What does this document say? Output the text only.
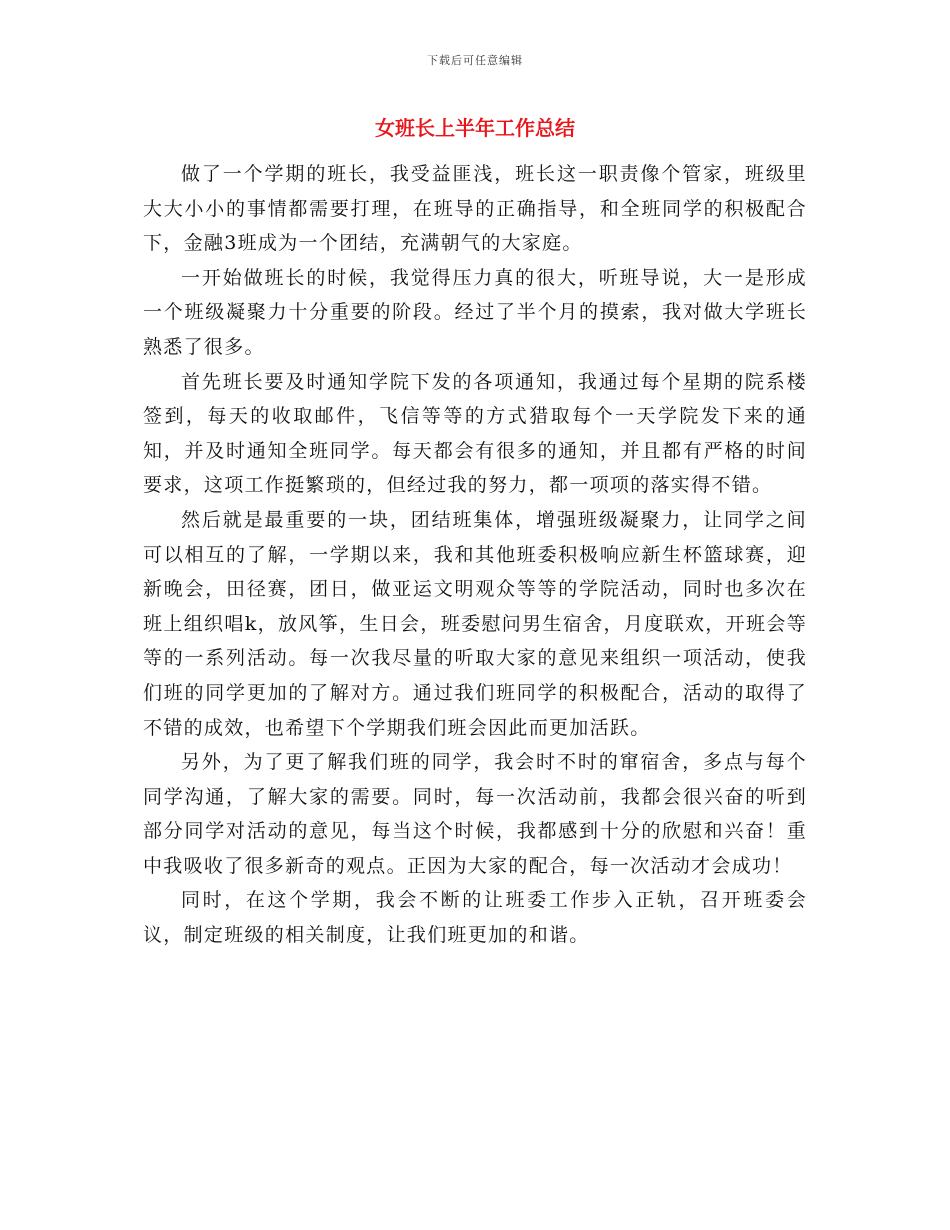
下载后可任意编辑
女班长上半年工作总结

做了一个学期的班长，我受益匪浅，班长这一职责像个管家，班级里大大小小的事情都需要打理，在班导的正确指导，和全班同学的积极配合下，金融3班成为一个团结，充满朝气的大家庭。

一开始做班长的时候，我觉得压力真的很大，听班导说，大一是形成一个班级凝聚力十分重要的阶段。经过了半个月的摸索，我对做大学班长熟悉了很多。

首先班长要及时通知学院下发的各项通知，我通过每个星期的院系楼签到，每天的收取邮件，飞信等等的方式猎取每个一天学院发下来的通知，并及时通知全班同学。每天都会有很多的通知，并且都有严格的时间要求，这项工作挺繁琐的，但经过我的努力，都一项项的落实得不错。

然后就是最重要的一块，团结班集体，增强班级凝聚力，让同学之间可以相互的了解，一学期以来，我和其他班委积极响应新生杯篮球赛，迎新晚会，田径赛，团日，做亚运文明观众等等的学院活动，同时也多次在班上组织唱k，放风筝，生日会，班委慰问男生宿舍，月度联欢，开班会等等的一系列活动。每一次我尽量的听取大家的意见来组织一项活动，使我们班的同学更加的了解对方。通过我们班同学的积极配合，活动的取得了不错的成效，也希望下个学期我们班会因此而更加活跃。

另外，为了更了解我们班的同学，我会时不时的窜宿舍，多点与每个同学沟通，了解大家的需要。同时，每一次活动前，我都会很兴奋的听到部分同学对活动的意见，每当这个时候，我都感到十分的欣慰和兴奋！重中我吸收了很多新奇的观点。正因为大家的配合，每一次活动才会成功！

同时，在这个学期，我会不断的让班委工作步入正轨，召开班委会议，制定班级的相关制度，让我们班更加的和谐。
